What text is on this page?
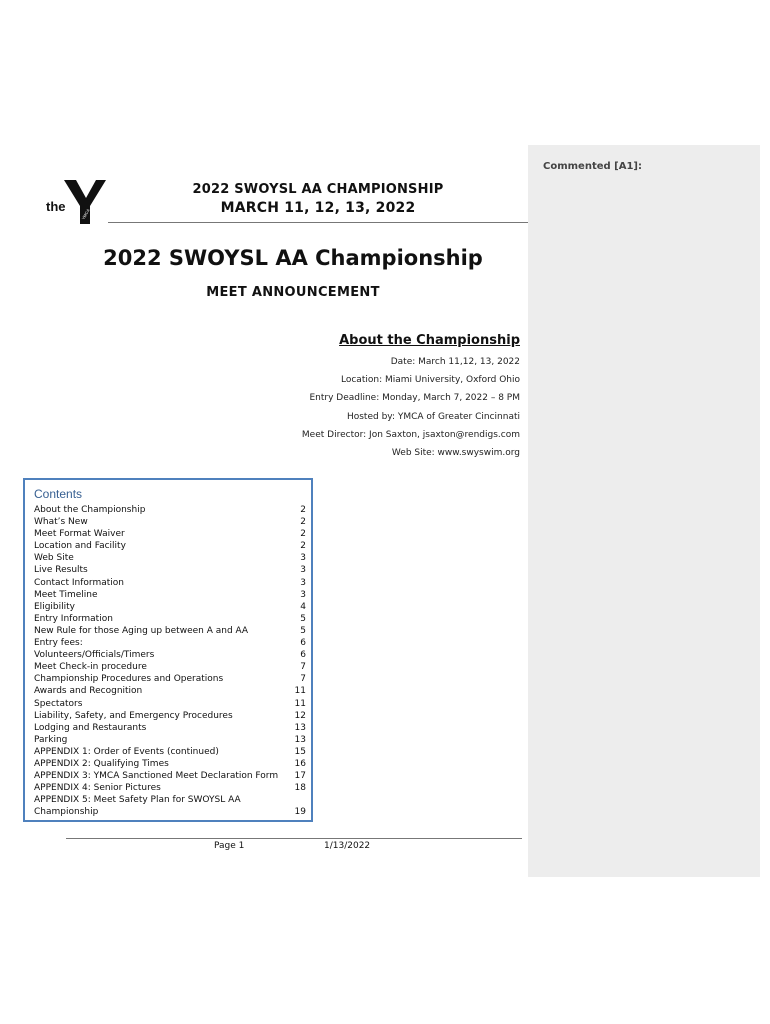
Commented [A1]:
the
YMCA
2022 SWOYSL AA CHAMPIONSHIP
MARCH 11, 12, 13, 2022
2022 SWOYSL AA Championship
MEET ANNOUNCEMENT
About the Championship
Date: March 11,12, 13, 2022
Location: Miami University, Oxford Ohio
Entry Deadline: Monday, March 7, 2022 – 8 PM
Hosted by: YMCA of Greater Cincinnati
Meet Director: Jon Saxton, jsaxton@rendigs.com
Web Site: www.swyswim.org
Contents
About the Championship	2
What’s New	2
Meet Format Waiver	2
Location and Facility	2
Web Site	3
Live Results	3
Contact Information	3
Meet Timeline	3
Eligibility	4
Entry Information	5
New Rule for those Aging up between A and AA	5
Entry fees:	6
Volunteers/Officials/Timers	6
Meet Check-in procedure	7
Championship Procedures and Operations	7
Awards and Recognition	11
Spectators	11
Liability, Safety, and Emergency Procedures	12
Lodging and Restaurants	13
Parking	13
APPENDIX 1: Order of Events (continued)	15
APPENDIX 2: Qualifying Times	16
APPENDIX 3: YMCA Sanctioned Meet Declaration Form	17
APPENDIX 4: Senior Pictures	18
APPENDIX 5: Meet Safety Plan for SWOYSL AA Championship	19
Page 1	1/13/2022
